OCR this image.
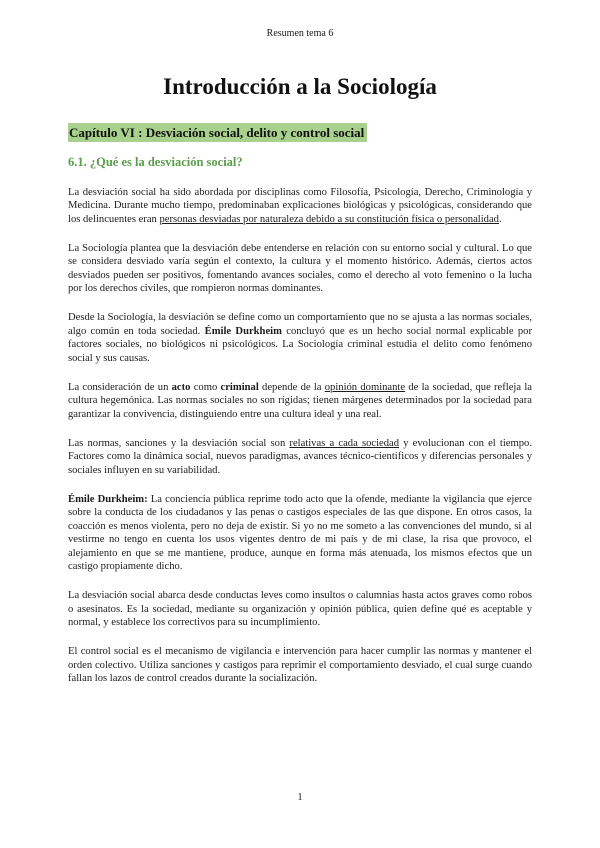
Resumen tema 6
Introducción a la Sociología
Capítulo VI : Desviación social, delito y control social
6.1. ¿Qué es la desviación social?

La desviación social ha sido abordada por disciplinas como Filosofía, Psicología, Derecho, Criminología y Medicina. Durante mucho tiempo, predominaban explicaciones biológicas y psicológicas, considerando que los delincuentes eran personas desviadas por naturaleza debido a su constitución física o personalidad.

La Sociología plantea que la desviación debe entenderse en relación con su entorno social y cultural. Lo que se considera desviado varía según el contexto, la cultura y el momento histórico. Además, ciertos actos desviados pueden ser positivos, fomentando avances sociales, como el derecho al voto femenino o la lucha por los derechos civiles, que rompieron normas dominantes.

Desde la Sociología, la desviación se define como un comportamiento que no se ajusta a las normas sociales, algo común en toda sociedad. Émile Durkheim concluyó que es un hecho social normal explicable por factores sociales, no biológicos ni psicológicos. La Sociología criminal estudia el delito como fenómeno social y sus causas.

La consideración de un acto como criminal depende de la opinión dominante de la sociedad, que refleja la cultura hegemónica. Las normas sociales no son rígidas; tienen márgenes determinados por la sociedad para garantizar la convivencia, distinguiendo entre una cultura ideal y una real.

Las normas, sanciones y la desviación social son relativas a cada sociedad y evolucionan con el tiempo. Factores como la dinámica social, nuevos paradigmas, avances técnico-científicos y diferencias personales y sociales influyen en su variabilidad.

Émile Durkheim: La conciencia pública reprime todo acto que la ofende, mediante la vigilancia que ejerce sobre la conducta de los ciudadanos y las penas o castigos especiales de las que dispone. En otros casos, la coacción es menos violenta, pero no deja de existir. Si yo no me someto a las convenciones del mundo, si al vestirme no tengo en cuenta los usos vigentes dentro de mi país y de mi clase, la risa que provoco, el alejamiento en que se me mantiene, produce, aunque en forma más atenuada, los mismos efectos que un castigo propiamente dicho.

La desviación social abarca desde conductas leves como insultos o calumnias hasta actos graves como robos o asesinatos. Es la sociedad, mediante su organización y opinión pública, quien define qué es aceptable y normal, y establece los correctivos para su incumplimiento.

El control social es el mecanismo de vigilancia e intervención para hacer cumplir las normas y mantener el orden colectivo. Utiliza sanciones y castigos para reprimir el comportamiento desviado, el cual surge cuando fallan los lazos de control creados durante la socialización.

1
